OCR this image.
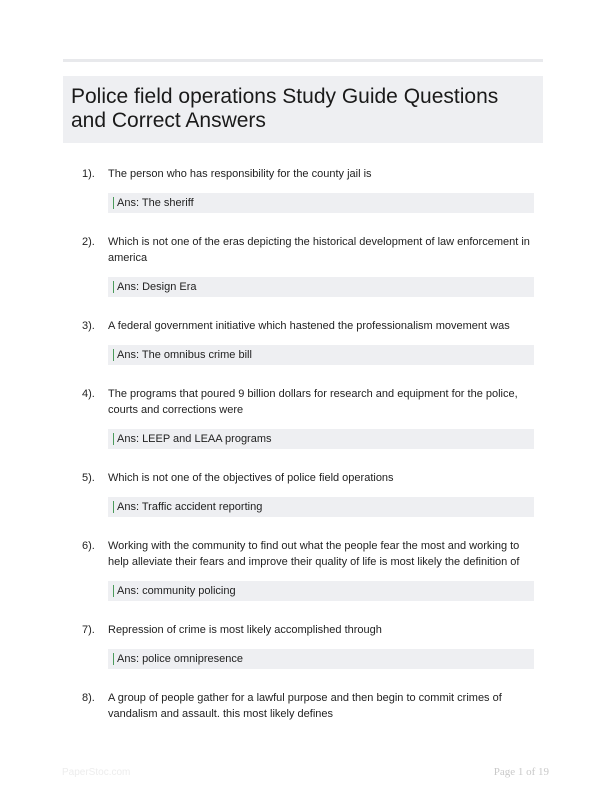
Police field operations Study Guide Questions and Correct Answers
1).	The person who has responsibility for the county jail is
Ans: The sheriff
2).	Which is not one of the eras depicting the historical development of law enforcement in america
Ans: Design Era
3).	A federal government initiative which hastened the professionalism movement was
Ans: The omnibus crime bill
4).	The programs that poured 9 billion dollars for research and equipment for the police, courts and corrections were
Ans: LEEP and LEAA programs
5).	Which is not one of the objectives of police field operations
Ans: Traffic accident reporting
6).	Working with the community to find out what the people fear the most and working to help alleviate their fears and improve their quality of life is most likely the definition of
Ans: community policing
7).	Repression of crime is most likely accomplished through
Ans: police omnipresence
8).	A group of people gather for a lawful purpose and then begin to commit crimes of vandalism and assault. this most likely defines
PaperStoc.com	Page 1 of 19
